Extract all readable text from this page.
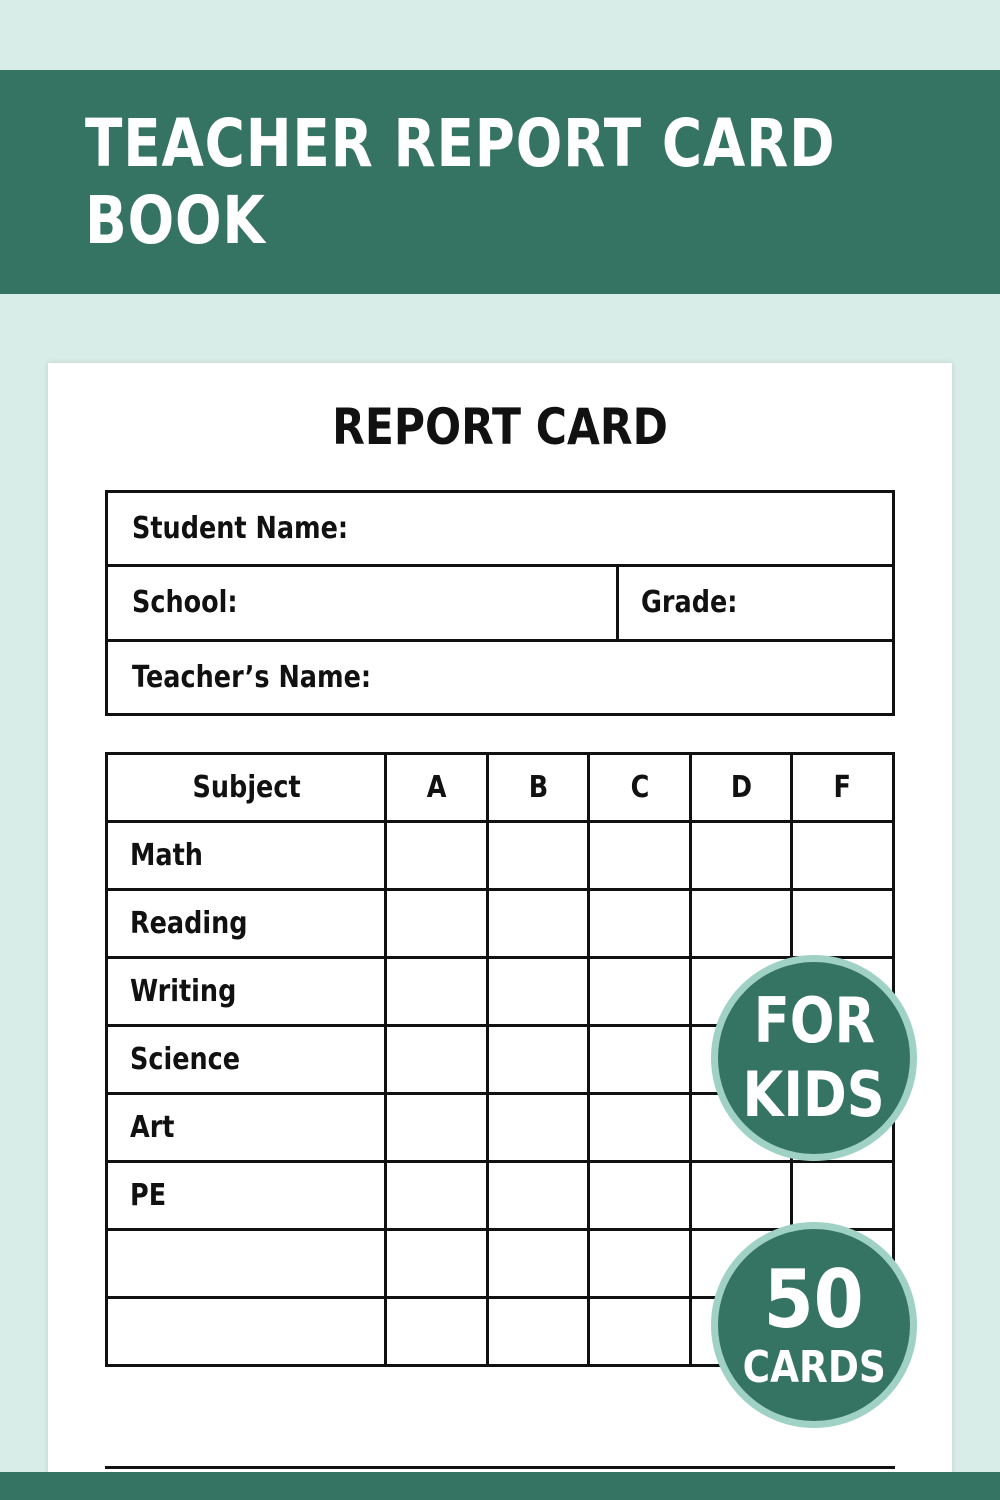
TEACHER REPORT CARD BOOK
REPORT CARD
Student Name:
School:	Grade:
Teacher’s Name:
Subject	A	B	C	D	F
Math					
Reading					
Writing					
Science					
Art					
PE					

FOR
KIDS
50
CARDS
